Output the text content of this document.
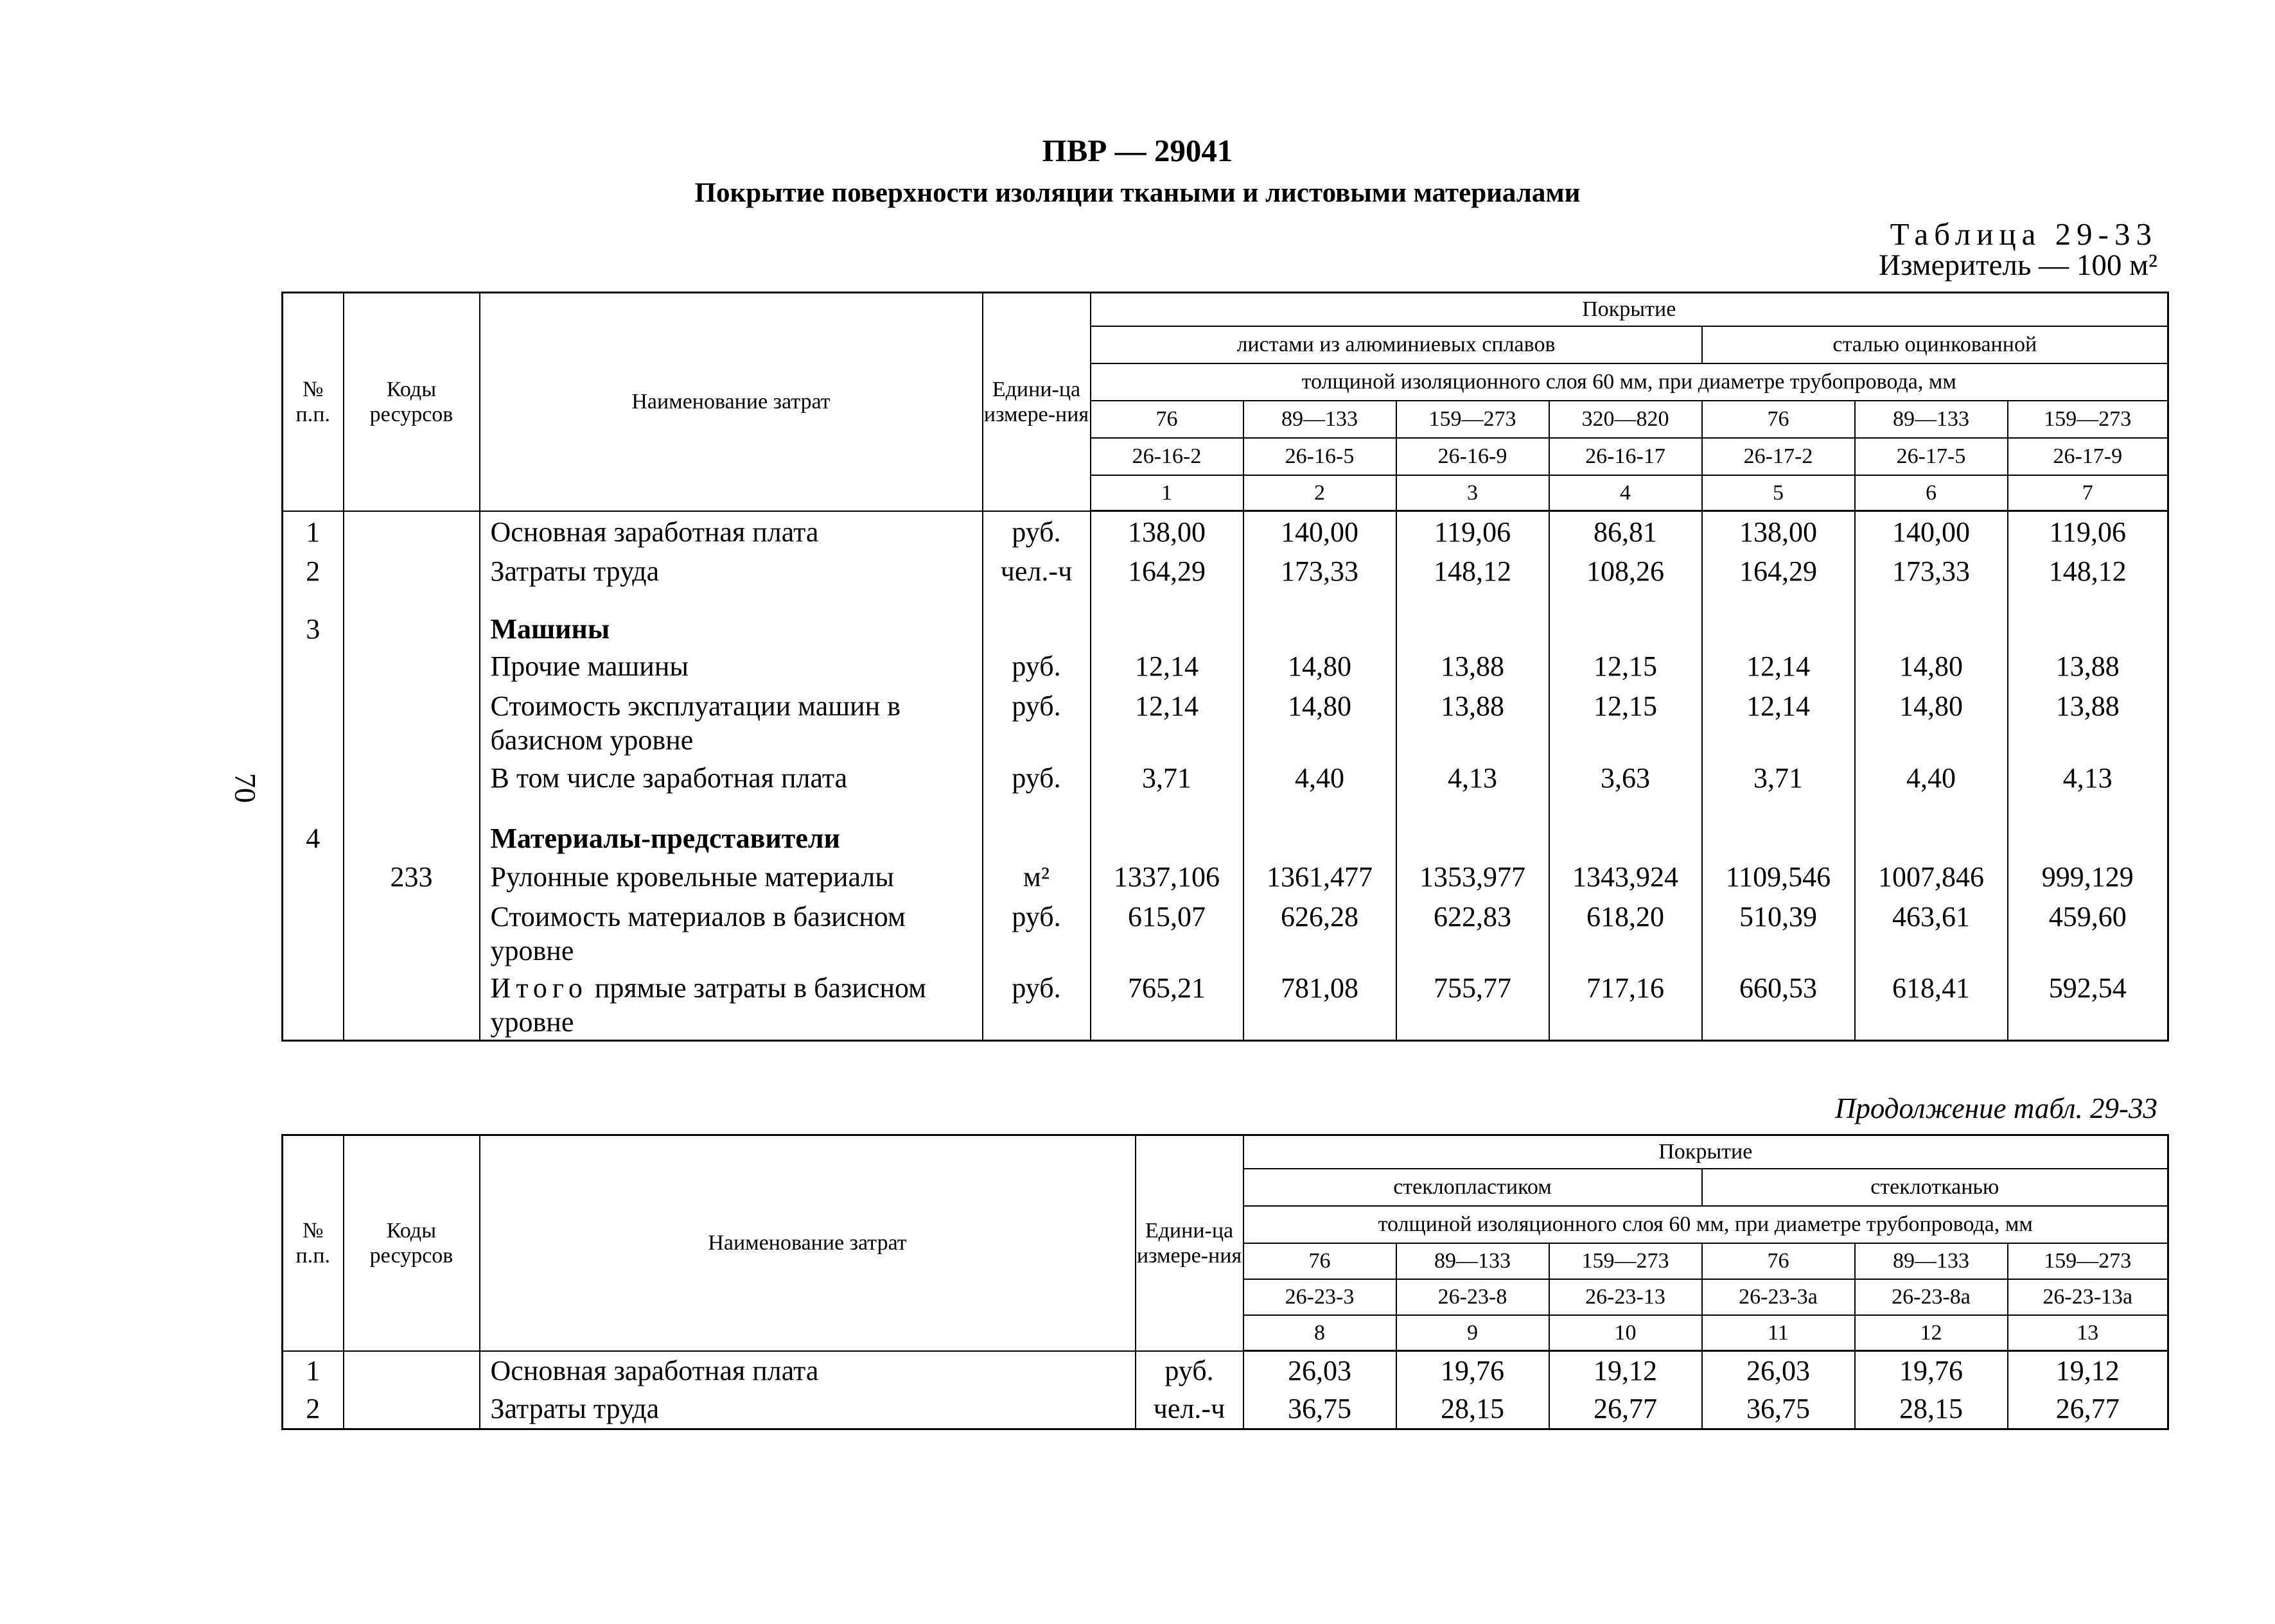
ПВР — 29041
Покрытие поверхности изоляции ткаными и листовыми материалами
Таблица 29-33
Измеритель — 100 м²
70
№ п.п.	Коды ресурсов	Наименование затрат	Едини-ца измере-ния	Покрытие						
				листами из алюминиевых сплавов				сталью оцинкованной		
				толщиной изоляционного слоя 60 мм, при диаметре трубопровода, мм						
				76	89—133	159—273	320—820	76	89—133	159—273
				26-16-2	26-16-5	26-16-9	26-16-17	26-17-2	26-17-5	26-17-9
				1	2	3	4	5	6	7
1		Основная заработная плата	руб.	138,00	140,00	119,06	86,81	138,00	140,00	119,06
2		Затраты труда	чел.-ч	164,29	173,33	148,12	108,26	164,29	173,33	148,12
3		Машины								
		Прочие машины	руб.	12,14	14,80	13,88	12,15	12,14	14,80	13,88
		Стоимость эксплуатации машин в базисном уровне	руб.	12,14	14,80	13,88	12,15	12,14	14,80	13,88
		В том числе заработная плата	руб.	3,71	4,40	4,13	3,63	3,71	4,40	4,13
4		Материалы-представители								
	233	Рулонные кровельные материалы	м²	1337,106	1361,477	1353,977	1343,924	1109,546	1007,846	999,129
		Стоимость материалов в базисном уровне	руб.	615,07	626,28	622,83	618,20	510,39	463,61	459,60
		Итого прямые затраты в базисном уровне	руб.	765,21	781,08	755,77	717,16	660,53	618,41	592,54
Продолжение табл. 29-33
№ п.п.	Коды ресурсов	Наименование затрат	Едини-ца измере-ния	Покрытие					
				стеклопластиком			стеклотканью		
				толщиной изоляционного слоя 60 мм, при диаметре трубопровода, мм					
				76	89—133	159—273	76	89—133	159—273
				26-23-3	26-23-8	26-23-13	26-23-3а	26-23-8а	26-23-13а
				8	9	10	11	12	13
1		Основная заработная плата	руб.	26,03	19,76	19,12	26,03	19,76	19,12
2		Затраты труда	чел.-ч	36,75	28,15	26,77	36,75	28,15	26,77
